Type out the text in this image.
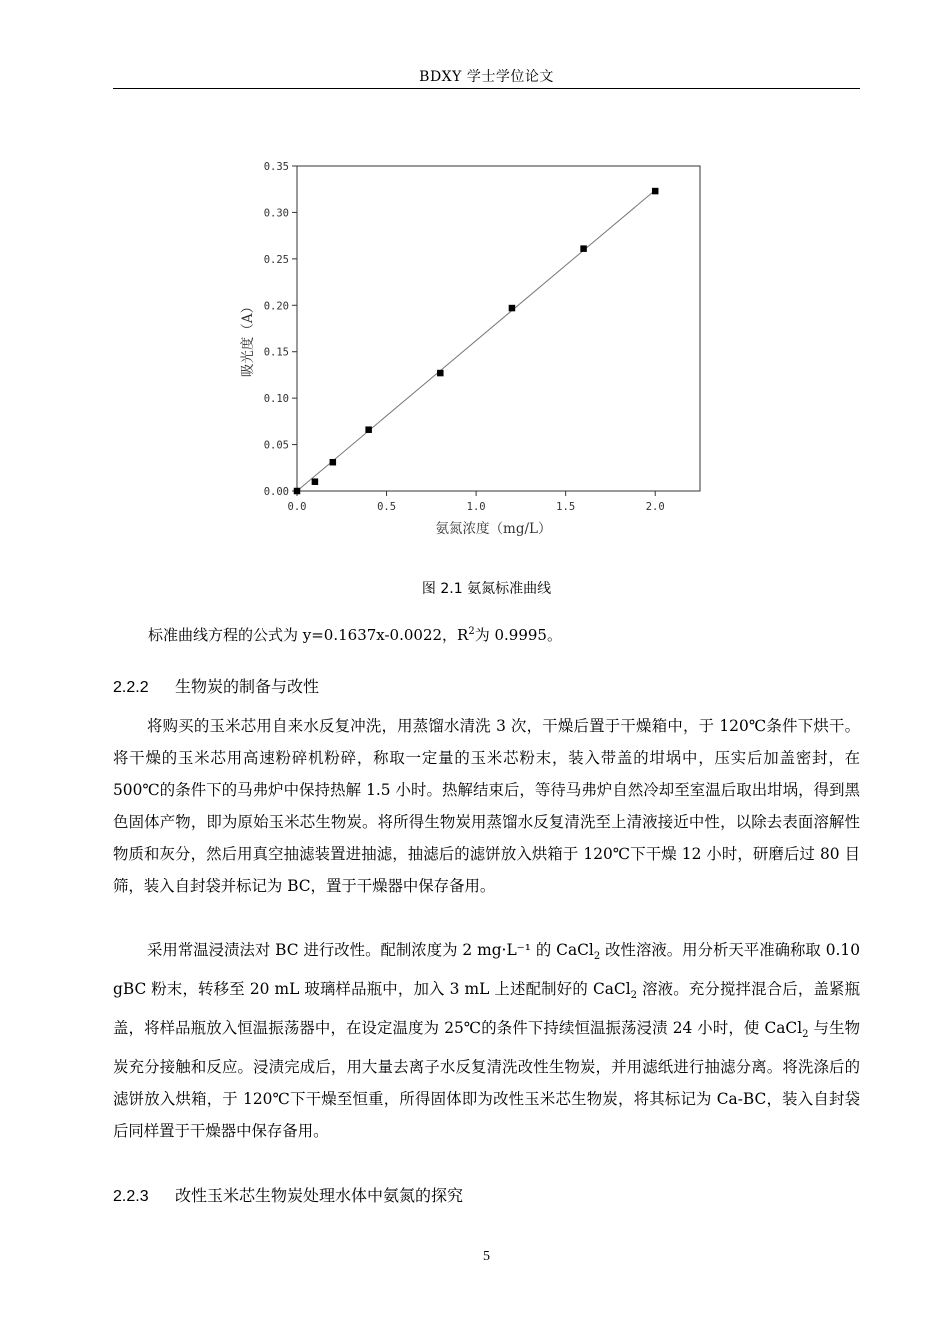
BDXY 学士学位论文
0.0	0.5	1.0	1.5	2.0
0.00
0.05
0.10
0.15
0.20
0.25
0.30
0.35
氨氮浓度（mg/L）
吸光度（A）
图 2.1 氨氮标准曲线
标准曲线方程的公式为 y=0.1637x-0.0022，$R^2$为 0.9995。
2.2.2 生物炭的制备与改性

将购买的玉米芯用自来水反复冲洗，用蒸馏水清洗 3 次，干燥后置于干燥箱中，于 120℃条件下烘干。将干燥的玉米芯用高速粉碎机粉碎，称取一定量的玉米芯粉末，装入带盖的坩埚中，压实后加盖密封，在 500℃的条件下的马弗炉中保持热解 1.5 小时。热解结束后，等待马弗炉自然冷却至室温后取出坩埚，得到黑色固体产物，即为原始玉米芯生物炭。将所得生物炭用蒸馏水反复清洗至上清液接近中性，以除去表面溶解性物质和灰分，然后用真空抽滤装置进抽滤，抽滤后的滤饼放入烘箱于 120℃下干燥 12 小时，研磨后过 80 目筛，装入自封袋并标记为 BC，置于干燥器中保存备用。

采用常温浸渍法对 BC 进行改性。配制浓度为 2 mg·L⁻¹ 的 CaCl$_2$ 改性溶液。用分析天平准确称取 0.10 gBC 粉末，转移至 20 mL 玻璃样品瓶中，加入 3 mL 上述配制好的 CaCl$_2$ 溶液。充分搅拌混合后，盖紧瓶盖，将样品瓶放入恒温振荡器中，在设定温度为 25℃的条件下持续恒温振荡浸渍 24 小时，使 CaCl$_2$ 与生物炭充分接触和反应。浸渍完成后，用大量去离子水反复清洗改性生物炭，并用滤纸进行抽滤分离。将洗涤后的滤饼放入烘箱，于 120℃下干燥至恒重，所得固体即为改性玉米芯生物炭，将其标记为 Ca-BC，装入自封袋后同样置于干燥器中保存备用。

2.2.3 改性玉米芯生物炭处理水体中氨氮的探究
5
